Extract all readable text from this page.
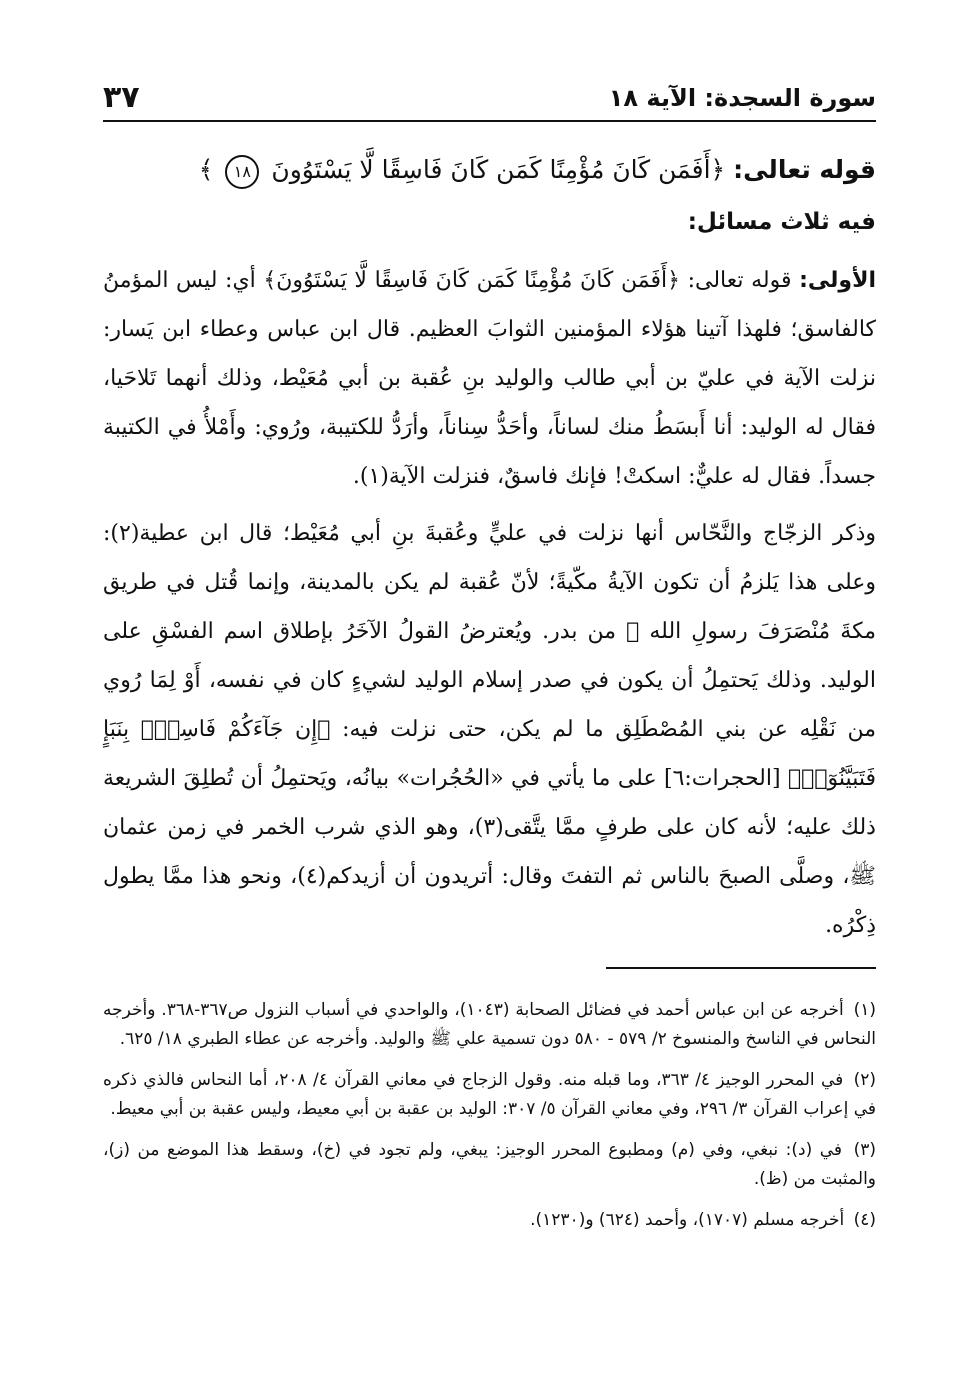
سورة السجدة: الآية ١٨
٣٧

قوله تعالى: ﴿أَفَمَن كَانَ مُؤْمِنًا كَمَن كَانَ فَاسِقًا لَّا يَسْتَوُونَ ١٨ ﴾

فيه ثلاث مسائل:

الأولى: قوله تعالى: ﴿أَفَمَن كَانَ مُؤْمِنًا كَمَن كَانَ فَاسِقًا لَّا يَسْتَوُونَ﴾ أي: ليس المؤمنُ كالفاسق؛ فلهذا آتينا هؤلاء المؤمنين الثوابَ العظيم. قال ابن عباس وعطاء ابن يَسار: نزلت الآية في عليّ بن أبي طالب والوليد بنِ عُقبة بن أبي مُعَيْط، وذلك أنهما تَلاحَيا، فقال له الوليد: أنا أَبسَطُ منك لساناً، وأحَدُّ سِناناً، وأرَدُّ للكتيبة، ورُوي: وأَمْلأُ في الكتيبة جسداً. فقال له عليٌّ: اسكتْ! فإنك فاسقٌ، فنزلت الآية(١).

وذكر الزجّاج والنَّحّاس أنها نزلت في عليٍّ وعُقبةَ بنِ أبي مُعَيْط؛ قال ابن عطية(٢): وعلى هذا يَلزمُ أن تكون الآيةُ مكّيةً؛ لأنّ عُقبة لم يكن بالمدينة، وإنما قُتل في طريق مكةَ مُنْصَرَفَ رسولِ الله ﷺ من بدر. ويُعترضُ القولُ الآخَرُ بإطلاق اسم الفسْقِ على الوليد. وذلك يَحتمِلُ أن يكون في صدر إسلام الوليد لشيءٍ كان في نفسه، أَوْ لِمَا رُوي من نَقْلِه عن بني المُصْطَلِق ما لم يكن، حتى نزلت فيه: ﴿إِن جَآءَكُمْ فَاسِقٌۢ بِنَبَإٍ فَتَبَيَّنُوٓا۟﴾ [الحجرات:٦] على ما يأتي في «الحُجُرات» بيانُه، ويَحتمِلُ أن تُطلِقَ الشريعة ذلك عليه؛ لأنه كان على طرفٍ ممَّا يتَّقى(٣)، وهو الذي شرب الخمر في زمن عثمان ﷺ، وصلَّى الصبحَ بالناس ثم التفتَ وقال: أتريدون أن أزيدكم(٤)، ونحو هذا ممَّا يطول ذِكْرُه.

(١) أخرجه عن ابن عباس أحمد في فضائل الصحابة (١٠٤٣)، والواحدي في أسباب النزول ص٣٦٧-٣٦٨. وأخرجه النحاس في الناسخ والمنسوخ ٢/ ٥٧٩ - ٥٨٠ دون تسمية علي ﷺ والوليد. وأخرجه عن عطاء الطبري ١٨/ ٦٢٥.

(٢) في المحرر الوجيز ٤/ ٣٦٣، وما قبله منه. وقول الزجاج في معاني القرآن ٤/ ٢٠٨، أما النحاس فالذي ذكره في إعراب القرآن ٣/ ٢٩٦، وفي معاني القرآن ٥/ ٣٠٧: الوليد بن عقبة بن أبي معيط، وليس عقبة بن أبي معيط.

(٣) في (د): نبغي، وفي (م) ومطبوع المحرر الوجيز: يبغي، ولم تجود في (خ)، وسقط هذا الموضع من (ز)، والمثبت من (ظ).

(٤) أخرجه مسلم (١٧٠٧)، وأحمد (٦٢٤) و(١٢٣٠).
